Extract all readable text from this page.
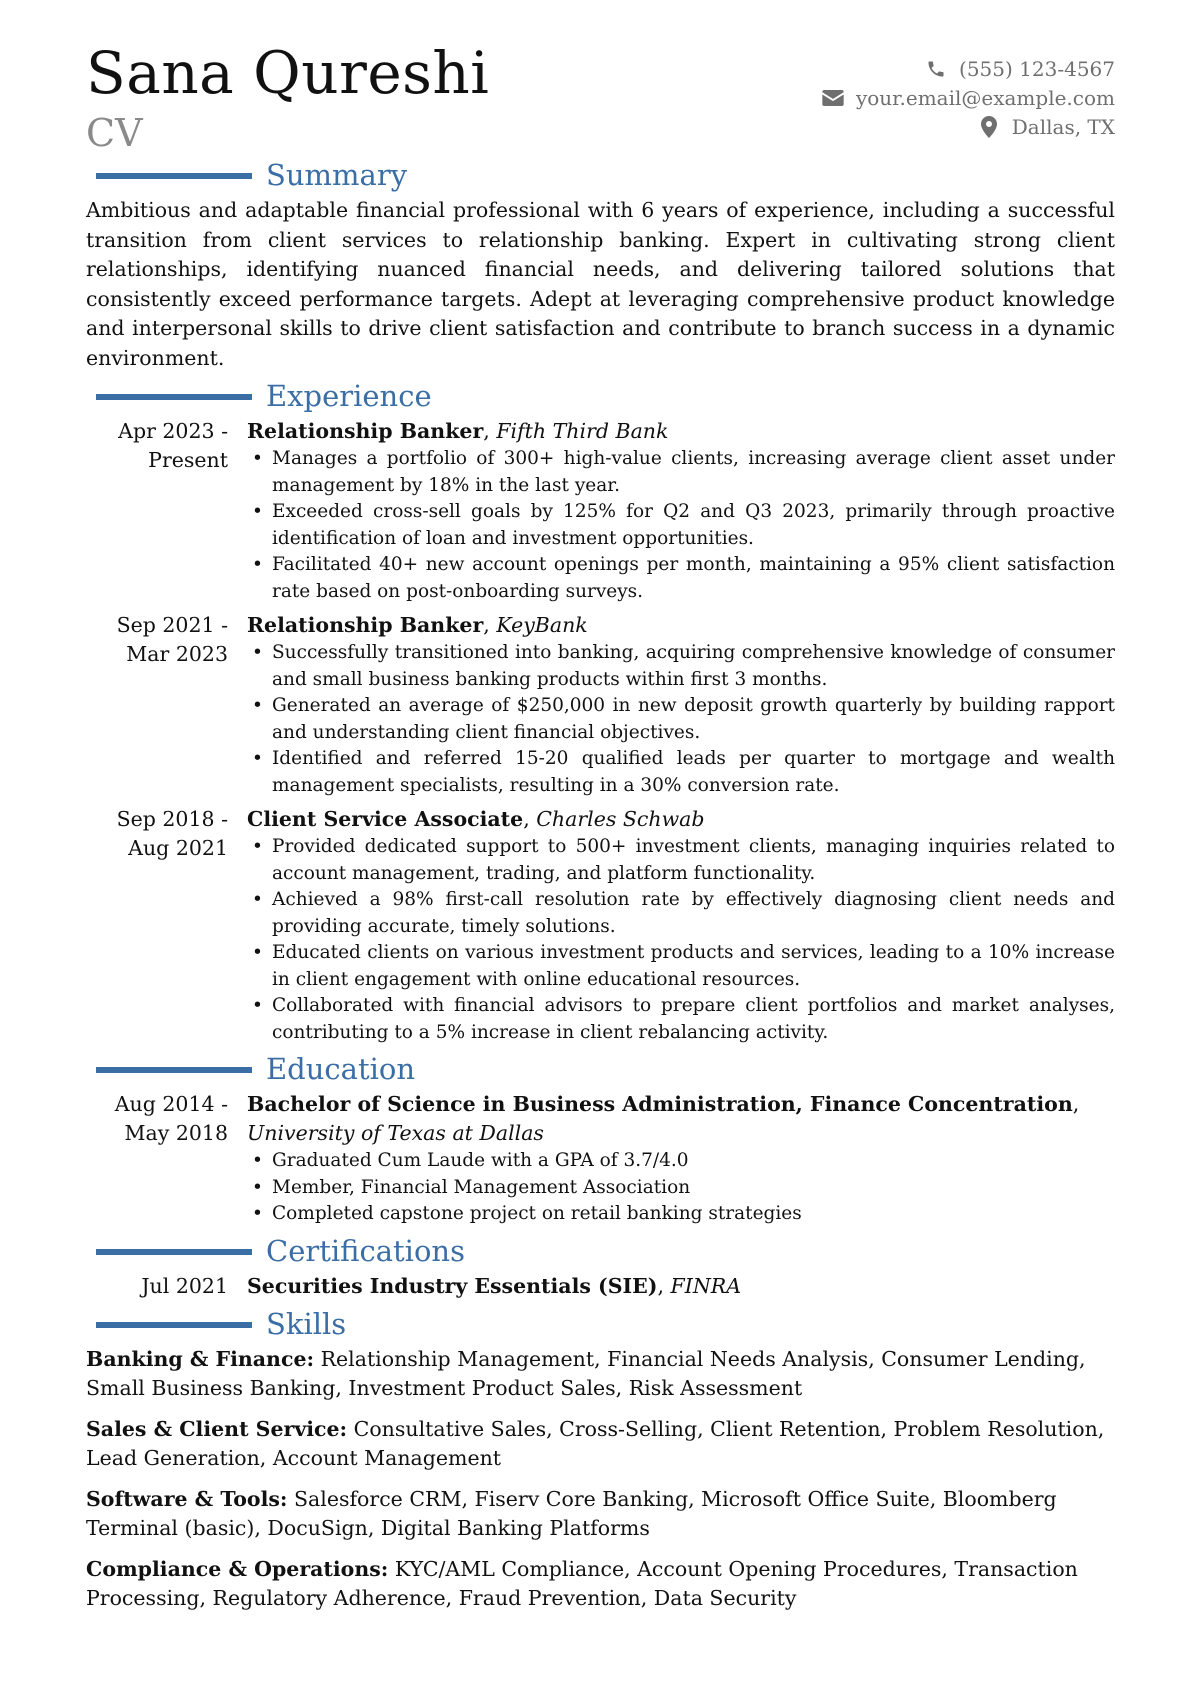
Sana Qureshi
CV
(555) 123-4567
your.email@example.com
Dallas, TX
Summary

Ambitious and adaptable financial professional with 6 years of experience, including a successful transition from client services to relationship banking. Expert in cultivating strong client relationships, identifying nuanced financial needs, and delivering tailored solutions that consistently exceed performance targets. Adept at leveraging comprehensive product knowledge and interpersonal skills to drive client satisfaction and contribute to branch success in a dynamic environment.

Experience
Apr 2023 - Present
Relationship Banker, Fifth Third Bank
• Manages a portfolio of 300+ high-value clients, increasing average client asset under management by 18% in the last year.
• Exceeded cross-sell goals by 125% for Q2 and Q3 2023, primarily through proactive identification of loan and investment opportunities.
• Facilitated 40+ new account openings per month, maintaining a 95% client satisfaction rate based on post-onboarding surveys.
Sep 2021 - Mar 2023
Relationship Banker, KeyBank
• Successfully transitioned into banking, acquiring comprehensive knowledge of consumer and small business banking products within first 3 months.
• Generated an average of $250,000 in new deposit growth quarterly by building rapport and understanding client financial objectives.
• Identified and referred 15-20 qualified leads per quarter to mortgage and wealth management specialists, resulting in a 30% conversion rate.
Sep 2018 - Aug 2021
Client Service Associate, Charles Schwab
• Provided dedicated support to 500+ investment clients, managing inquiries related to account management, trading, and platform functionality.
• Achieved a 98% first-call resolution rate by effectively diagnosing client needs and providing accurate, timely solutions.
• Educated clients on various investment products and services, leading to a 10% increase in client engagement with online educational resources.
• Collaborated with financial advisors to prepare client portfolios and market analyses, contributing to a 5% increase in client rebalancing activity.
Education
Aug 2014 - May 2018
Bachelor of Science in Business Administration, Finance Concentration, University of Texas at Dallas
• Graduated Cum Laude with a GPA of 3.7/4.0
• Member, Financial Management Association
• Completed capstone project on retail banking strategies
Certifications
Jul 2021 Securities Industry Essentials (SIE), FINRA
Skills

Banking & Finance: Relationship Management, Financial Needs Analysis, Consumer Lending, Small Business Banking, Investment Product Sales, Risk Assessment

Sales & Client Service: Consultative Sales, Cross-Selling, Client Retention, Problem Resolution, Lead Generation, Account Management

Software & Tools: Salesforce CRM, Fiserv Core Banking, Microsoft Office Suite, Bloomberg Terminal (basic), DocuSign, Digital Banking Platforms

Compliance & Operations: KYC/AML Compliance, Account Opening Procedures, Transaction Processing, Regulatory Adherence, Fraud Prevention, Data Security
